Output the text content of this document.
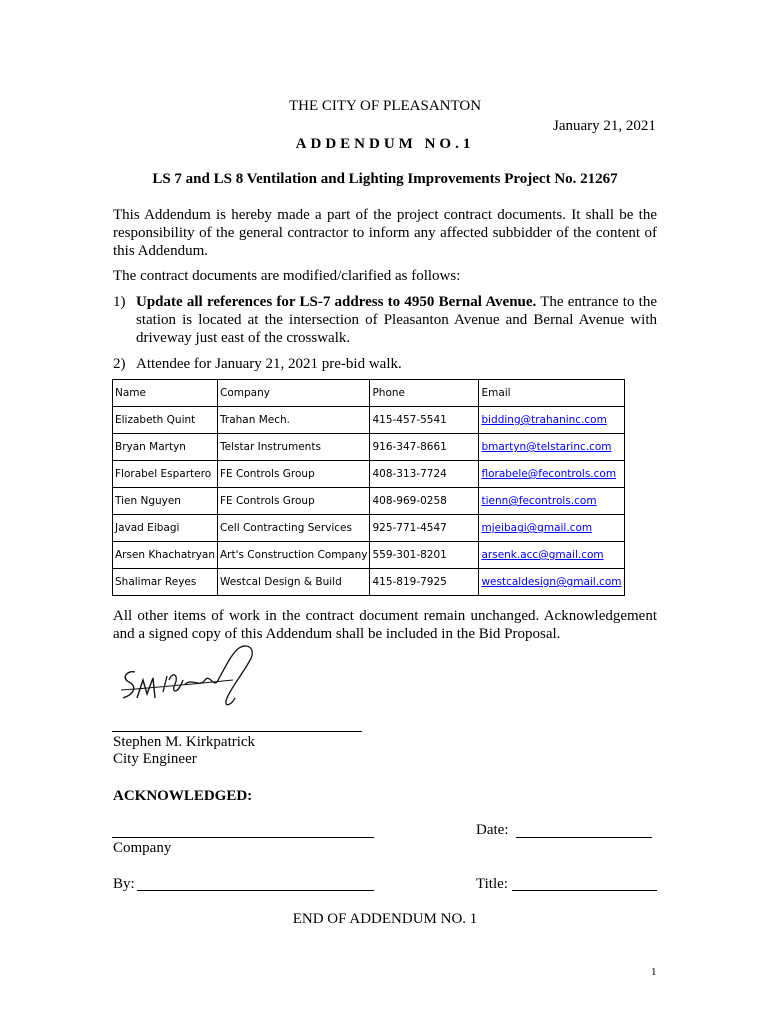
THE CITY OF PLEASANTON
January 21, 2021
ADDENDUM NO.1
LS 7 and LS 8 Ventilation and Lighting Improvements Project No. 21267
This Addendum is hereby made a part of the project contract documents. It shall be the responsibility of the general contractor to inform any affected subbidder of the content of this Addendum.
The contract documents are modified/clarified as follows:
1) Update all references for LS-7 address to 4950 Bernal Avenue. The entrance to the station is located at the intersection of Pleasanton Avenue and Bernal Avenue with driveway just east of the crosswalk.
2) Attendee for January 21, 2021 pre-bid walk.
Name	Company	Phone	Email
Elizabeth Quint	Trahan Mech.	415-457-5541	bidding@trahaninc.com
Bryan Martyn	Telstar Instruments	916-347-8661	bmartyn@telstarinc.com
Florabel Espartero	FE Controls Group	408-313-7724	florabele@fecontrols.com
Tien Nguyen	FE Controls Group	408-969-0258	tienn@fecontrols.com
Javad Eibagi	Cell Contracting Services	925-771-4547	mjeibagi@gmail.com
Arsen Khachatryan	Art's Construction Company	559-301-8201	arsenk.acc@gmail.com
Shalimar Reyes	Westcal Design & Build	415-819-7925	westcaldesign@gmail.com
All other items of work in the contract document remain unchanged. Acknowledgement and a signed copy of this Addendum shall be included in the Bid Proposal.
Stephen M. Kirkpatrick
City Engineer
ACKNOWLEDGED:
Company
Date:
By:	Title:
END OF ADDENDUM NO. 1
1
